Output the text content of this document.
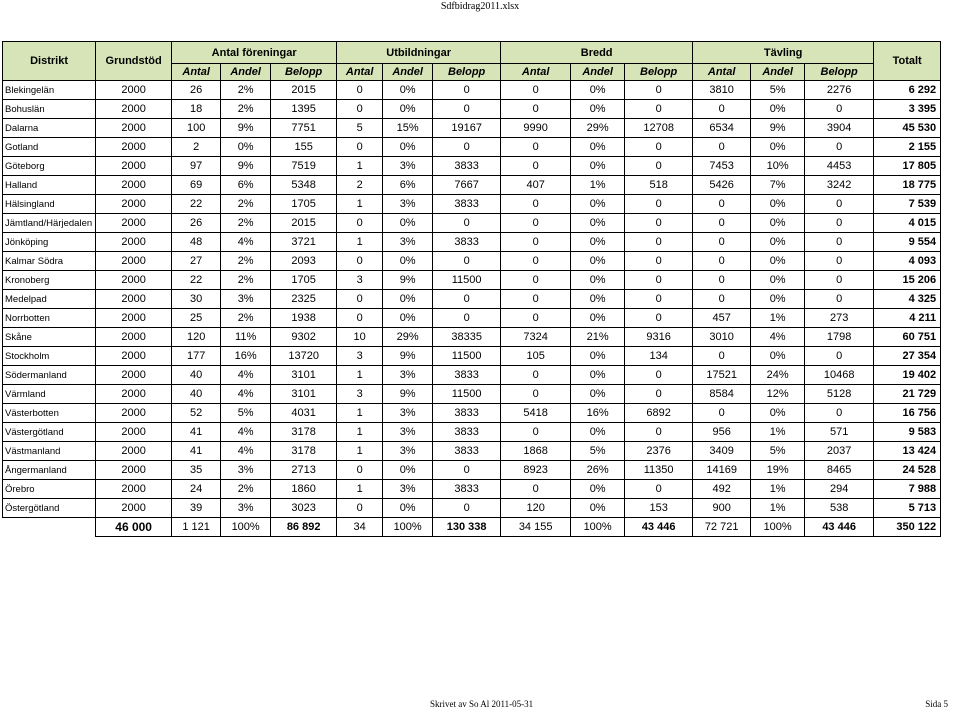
Sdfbidrag2011.xlsx
Distrikt	Grundstöd	Antal föreningar			Utbildningar			Bredd			Tävling			Totalt
		Antal	Andel	Belopp	Antal	Andel	Belopp	Antal	Andel	Belopp	Antal	Andel	Belopp	
Blekingelän	2000	26	2%	2015	0	0%	0	0	0%	0	3810	5%	2276	6 292
Bohuslän	2000	18	2%	1395	0	0%	0	0	0%	0	0	0%	0	3 395
Dalarna	2000	100	9%	7751	5	15%	19167	9990	29%	12708	6534	9%	3904	45 530
Gotland	2000	2	0%	155	0	0%	0	0	0%	0	0	0%	0	2 155
Göteborg	2000	97	9%	7519	1	3%	3833	0	0%	0	7453	10%	4453	17 805
Halland	2000	69	6%	5348	2	6%	7667	407	1%	518	5426	7%	3242	18 775
Hälsingland	2000	22	2%	1705	1	3%	3833	0	0%	0	0	0%	0	7 539
Jämtland/Härjedalen	2000	26	2%	2015	0	0%	0	0	0%	0	0	0%	0	4 015
Jönköping	2000	48	4%	3721	1	3%	3833	0	0%	0	0	0%	0	9 554
Kalmar Södra	2000	27	2%	2093	0	0%	0	0	0%	0	0	0%	0	4 093
Kronoberg	2000	22	2%	1705	3	9%	11500	0	0%	0	0	0%	0	15 206
Medelpad	2000	30	3%	2325	0	0%	0	0	0%	0	0	0%	0	4 325
Norrbotten	2000	25	2%	1938	0	0%	0	0	0%	0	457	1%	273	4 211
Skåne	2000	120	11%	9302	10	29%	38335	7324	21%	9316	3010	4%	1798	60 751
Stockholm	2000	177	16%	13720	3	9%	11500	105	0%	134	0	0%	0	27 354
Södermanland	2000	40	4%	3101	1	3%	3833	0	0%	0	17521	24%	10468	19 402
Värmland	2000	40	4%	3101	3	9%	11500	0	0%	0	8584	12%	5128	21 729
Västerbotten	2000	52	5%	4031	1	3%	3833	5418	16%	6892	0	0%	0	16 756
Västergötland	2000	41	4%	3178	1	3%	3833	0	0%	0	956	1%	571	9 583
Västmanland	2000	41	4%	3178	1	3%	3833	1868	5%	2376	3409	5%	2037	13 424
Ångermanland	2000	35	3%	2713	0	0%	0	8923	26%	11350	14169	19%	8465	24 528
Örebro	2000	24	2%	1860	1	3%	3833	0	0%	0	492	1%	294	7 988
Östergötland	2000	39	3%	3023	0	0%	0	120	0%	153	900	1%	538	5 713
	46 000	1 121	100%	86 892	34	100%	130 338	34 155	100%	43 446	72 721	100%	43 446	350 122
Skrivet av So Al 2011-05-31	Sida 5
